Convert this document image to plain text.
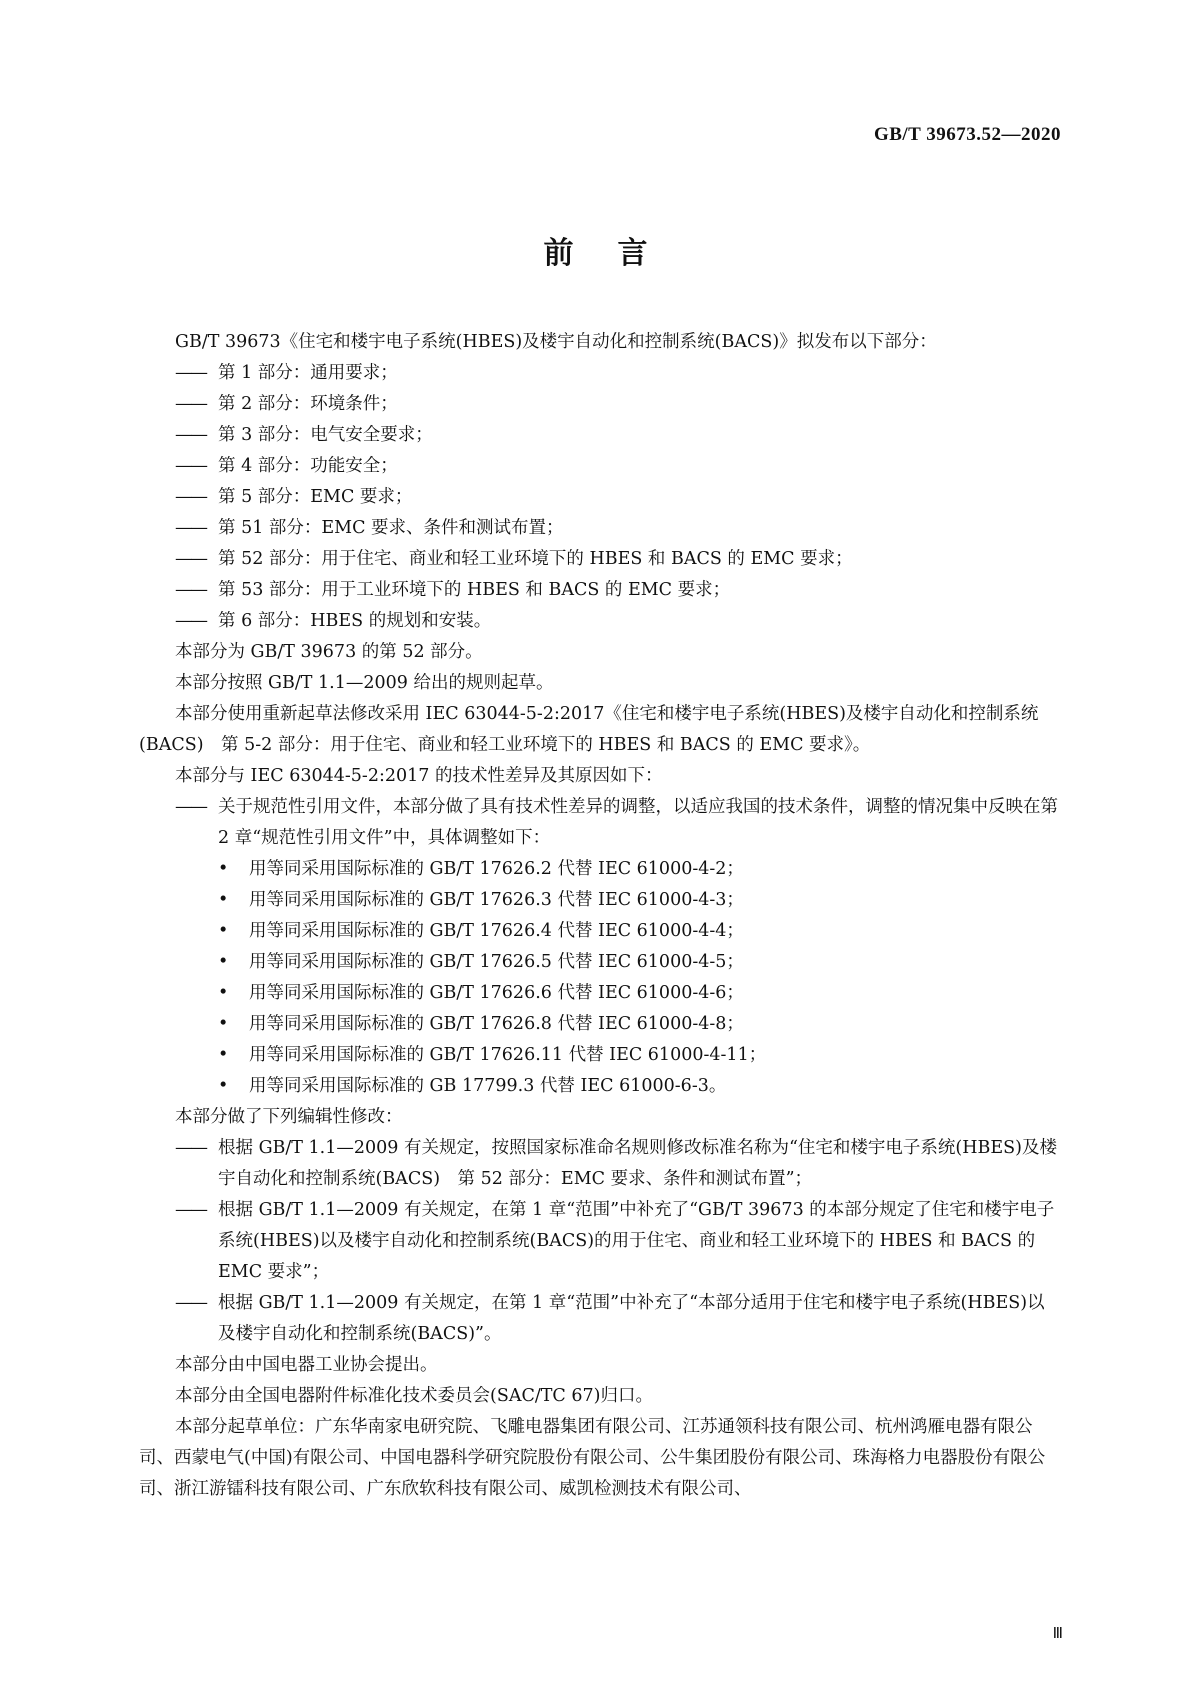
GB/T 39673.52—2020
前言

GB/T 39673《住宅和楼宇电子系统(HBES)及楼宇自动化和控制系统(BACS)》拟发布以下部分：

—— 第 1 部分：通用要求；

—— 第 2 部分：环境条件；

—— 第 3 部分：电气安全要求；

—— 第 4 部分：功能安全；

—— 第 5 部分：EMC 要求；

—— 第 51 部分：EMC 要求、条件和测试布置；

—— 第 52 部分：用于住宅、商业和轻工业环境下的 HBES 和 BACS 的 EMC 要求；

—— 第 53 部分：用于工业环境下的 HBES 和 BACS 的 EMC 要求；

—— 第 6 部分：HBES 的规划和安装。

本部分为 GB/T 39673 的第 52 部分。

本部分按照 GB/T 1.1—2009 给出的规则起草。

本部分使用重新起草法修改采用 IEC 63044-5-2:2017《住宅和楼宇电子系统(HBES)及楼宇自动化和控制系统(BACS)　第 5-2 部分：用于住宅、商业和轻工业环境下的 HBES 和 BACS 的 EMC 要求》。

本部分与 IEC 63044-5-2:2017 的技术性差异及其原因如下：

—— 关于规范性引用文件，本部分做了具有技术性差异的调整，以适应我国的技术条件，调整的情况集中反映在第 2 章“规范性引用文件”中，具体调整如下：

• 用等同采用国际标准的 GB/T 17626.2 代替 IEC 61000-4-2；

• 用等同采用国际标准的 GB/T 17626.3 代替 IEC 61000-4-3；

• 用等同采用国际标准的 GB/T 17626.4 代替 IEC 61000-4-4；

• 用等同采用国际标准的 GB/T 17626.5 代替 IEC 61000-4-5；

• 用等同采用国际标准的 GB/T 17626.6 代替 IEC 61000-4-6；

• 用等同采用国际标准的 GB/T 17626.8 代替 IEC 61000-4-8；

• 用等同采用国际标准的 GB/T 17626.11 代替 IEC 61000-4-11；

• 用等同采用国际标准的 GB 17799.3 代替 IEC 61000-6-3。

本部分做了下列编辑性修改：

—— 根据 GB/T 1.1—2009 有关规定，按照国家标准命名规则修改标准名称为“住宅和楼宇电子系统(HBES)及楼宇自动化和控制系统(BACS)　第 52 部分：EMC 要求、条件和测试布置”；

—— 根据 GB/T 1.1—2009 有关规定，在第 1 章“范围”中补充了“GB/T 39673 的本部分规定了住宅和楼宇电子系统(HBES)以及楼宇自动化和控制系统(BACS)的用于住宅、商业和轻工业环境下的 HBES 和 BACS 的 EMC 要求”；

—— 根据 GB/T 1.1—2009 有关规定，在第 1 章“范围”中补充了“本部分适用于住宅和楼宇电子系统(HBES)以及楼宇自动化和控制系统(BACS)”。

本部分由中国电器工业协会提出。

本部分由全国电器附件标准化技术委员会(SAC/TC 67)归口。

本部分起草单位：广东华南家电研究院、飞雕电器集团有限公司、江苏通领科技有限公司、杭州鸿雁电器有限公司、西蒙电气(中国)有限公司、中国电器科学研究院股份有限公司、公牛集团股份有限公司、珠海格力电器股份有限公司、浙江游镭科技有限公司、广东欣软科技有限公司、威凯检测技术有限公司、

Ⅲ
